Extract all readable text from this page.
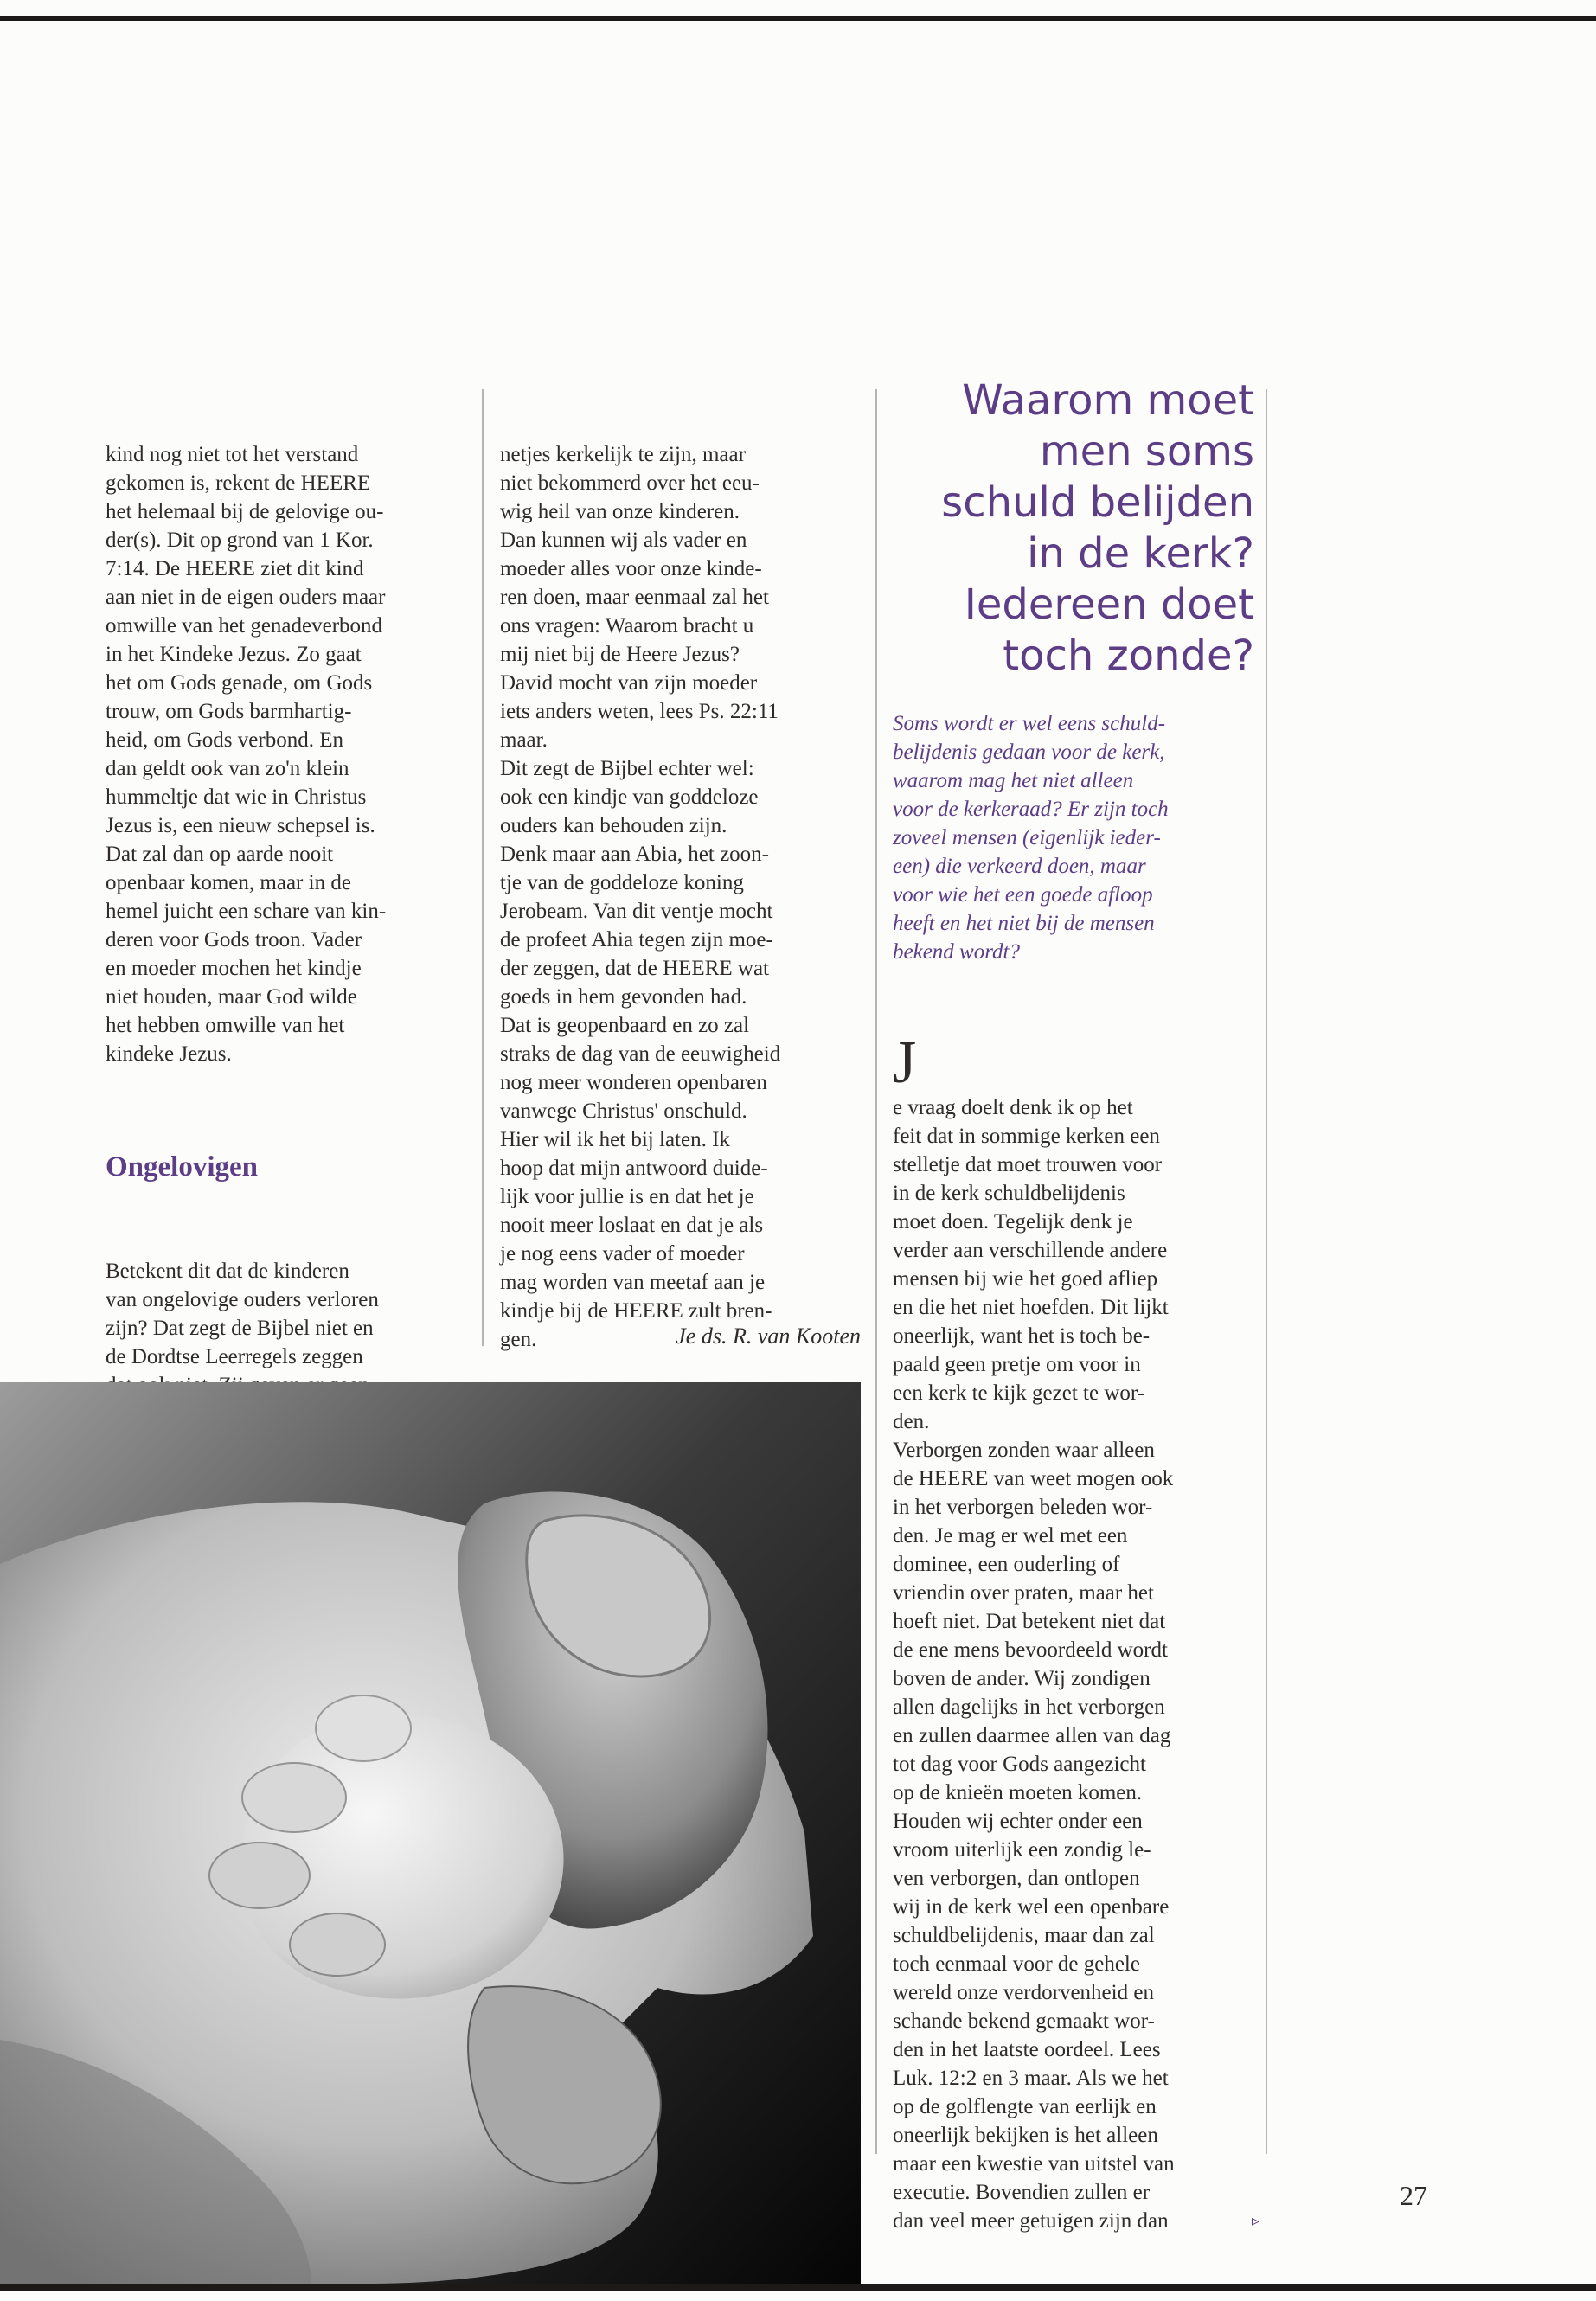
kind nog niet tot het verstand
gekomen is, rekent de HEERE
het helemaal bij de gelovige ou-
der(s). Dit op grond van 1 Kor.
7:14. De HEERE ziet dit kind
aan niet in de eigen ouders maar
omwille van het genadeverbond
in het Kindeke Jezus. Zo gaat
het om Gods genade, om Gods
trouw, om Gods barmhartig-
heid, om Gods verbond. En
dan geldt ook van zo'n klein
hummeltje dat wie in Christus
Jezus is, een nieuw schepsel is.
Dat zal dan op aarde nooit
openbaar komen, maar in de
hemel juicht een schare van kin-
deren voor Gods troon. Vader
en moeder mochen het kindje
niet houden, maar God wilde
het hebben omwille van het
kindeke Jezus.

Ongelovigen

Betekent dit dat de kinderen
van ongelovige ouders verloren
zijn? Dat zegt de Bijbel niet en
de Dordtse Leerregels zeggen

netjes kerkelijk te zijn, maar
niet bekommerd over het eeu-
wig heil van onze kinderen.
Dan kunnen wij als vader en
moeder alles voor onze kinde-
ren doen, maar eenmaal zal het
ons vragen: Waarom bracht u
mij niet bij de Heere Jezus?
David mocht van zijn moeder
iets anders weten, lees Ps. 22:11
maar.
Dit zegt de Bijbel echter wel:
ook een kindje van goddeloze
ouders kan behouden zijn.
Denk maar aan Abia, het zoon-
tje van de goddeloze koning
Jerobeam. Van dit ventje mocht
de profeet Ahia tegen zijn moe-
der zeggen, dat de HEERE wat
goeds in hem gevonden had.
Dat is geopenbaard en zo zal
straks de dag van de eeuwigheid
nog meer wonderen openbaren
vanwege Christus' onschuld.
Hier wil ik het bij laten. Ik
hoop dat mijn antwoord duide-
lijk voor jullie is en dat het je
nooit meer loslaat en dat je als
je nog eens vader of moeder
mag worden van meetaf aan je
kindje bij de HEERE zult bren-
gen.

	Je ds. R. van Kooten
Waarom moet
men soms
schuld belijden
in de kerk?
Iedereen doet
toch zonde?
Soms wordt er wel eens schuld-
belijdenis gedaan voor de kerk,
waarom mag het niet alleen
voor de kerkeraad? Er zijn toch
zoveel mensen (eigenlijk ieder-
een) die verkeerd doen, maar
voor wie het een goede afloop
heeft en het niet bij de mensen
bekend wordt?

J

e vraag doelt denk ik op het
feit dat in sommige kerken een
stelletje dat moet trouwen voor
in de kerk schuldbelijdenis
moet doen. Tegelijk denk je
verder aan verschillende andere
mensen bij wie het goed afliep
en die het niet hoefden. Dit lijkt
oneerlijk, want het is toch be-
paald geen pretje om voor in
een kerk te kijk gezet te wor-
den.
Verborgen zonden waar alleen
de HEERE van weet mogen ook
in het verborgen beleden wor-
den. Je mag er wel met een
dominee, een ouderling of
vriendin over praten, maar het
hoeft niet. Dat betekent niet dat
de ene mens bevoordeeld wordt
boven de ander. Wij zondigen
allen dagelijks in het verborgen
en zullen daarmee allen van dag
tot dag voor Gods aangezicht
op de knieën moeten komen.
Houden wij echter onder een
vroom uiterlijk een zondig le-
ven verborgen, dan ontlopen
wij in de kerk wel een openbare
schuldbelijdenis, maar dan zal
toch eenmaal voor de gehele
wereld onze verdorvenheid en
schande bekend gemaakt wor-
den in het laatste oordeel. Lees
Luk. 12:2 en 3 maar. Als we het
op de golflengte van eerlijk en
oneerlijk bekijken is het alleen
maar een kwestie van uitstel van
executie. Bovendien zullen er
dan veel meer getuigen zijn dan	▹

27
